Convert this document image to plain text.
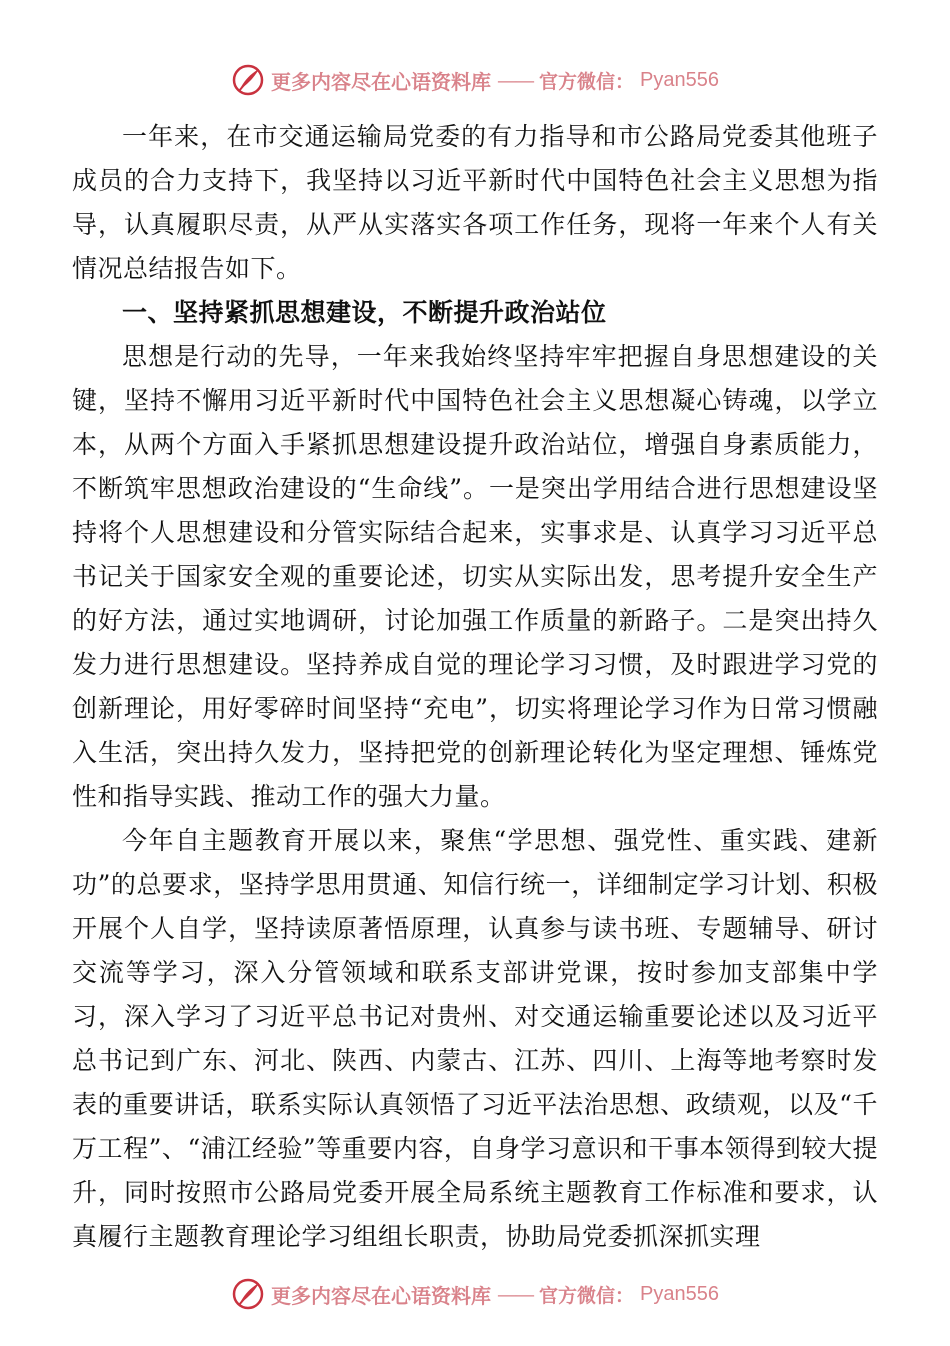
更多内容尽在心语资料库 —— 官方微信： Pyan556

一年来，在市交通运输局党委的有力指导和市公路局党委其他班子成员的合力支持下，我坚持以习近平新时代中国特色社会主义思想为指导，认真履职尽责，从严从实落实各项工作任务，现将一年来个人有关情况总结报告如下。

一、坚持紧抓思想建设，不断提升政治站位

思想是行动的先导，一年来我始终坚持牢牢把握自身思想建设的关键，坚持不懈用习近平新时代中国特色社会主义思想凝心铸魂，以学立本，从两个方面入手紧抓思想建设提升政治站位，增强自身素质能力，不断筑牢思想政治建设的“生命线”。一是突出学用结合进行思想建设坚持将个人思想建设和分管实际结合起来，实事求是、认真学习习近平总书记关于国家安全观的重要论述，切实从实际出发，思考提升安全生产的好方法，通过实地调研，讨论加强工作质量的新路子。二是突出持久发力进行思想建设。坚持养成自觉的理论学习习惯，及时跟进学习党的创新理论，用好零碎时间坚持“充电”，切实将理论学习作为日常习惯融入生活，突出持久发力，坚持把党的创新理论转化为坚定理想、锤炼党性和指导实践、推动工作的强大力量。

今年自主题教育开展以来，聚焦“学思想、强党性、重实践、建新功”的总要求，坚持学思用贯通、知信行统一，详细制定学习计划、积极开展个人自学，坚持读原著悟原理，认真参与读书班、专题辅导、研讨交流等学习，深入分管领域和联系支部讲党课，按时参加支部集中学习，深入学习了习近平总书记对贵州、对交通运输重要论述以及习近平总书记到广东、河北、陕西、内蒙古、江苏、四川、上海等地考察时发表的重要讲话，联系实际认真领悟了习近平法治思想、政绩观，以及“千万工程”、“浦江经验”等重要内容，自身学习意识和干事本领得到较大提升，同时按照市公路局党委开展全局系统主题教育工作标准和要求，认真履行主题教育理论学习组组长职责，协助局党委抓深抓实理

更多内容尽在心语资料库 —— 官方微信： Pyan556
